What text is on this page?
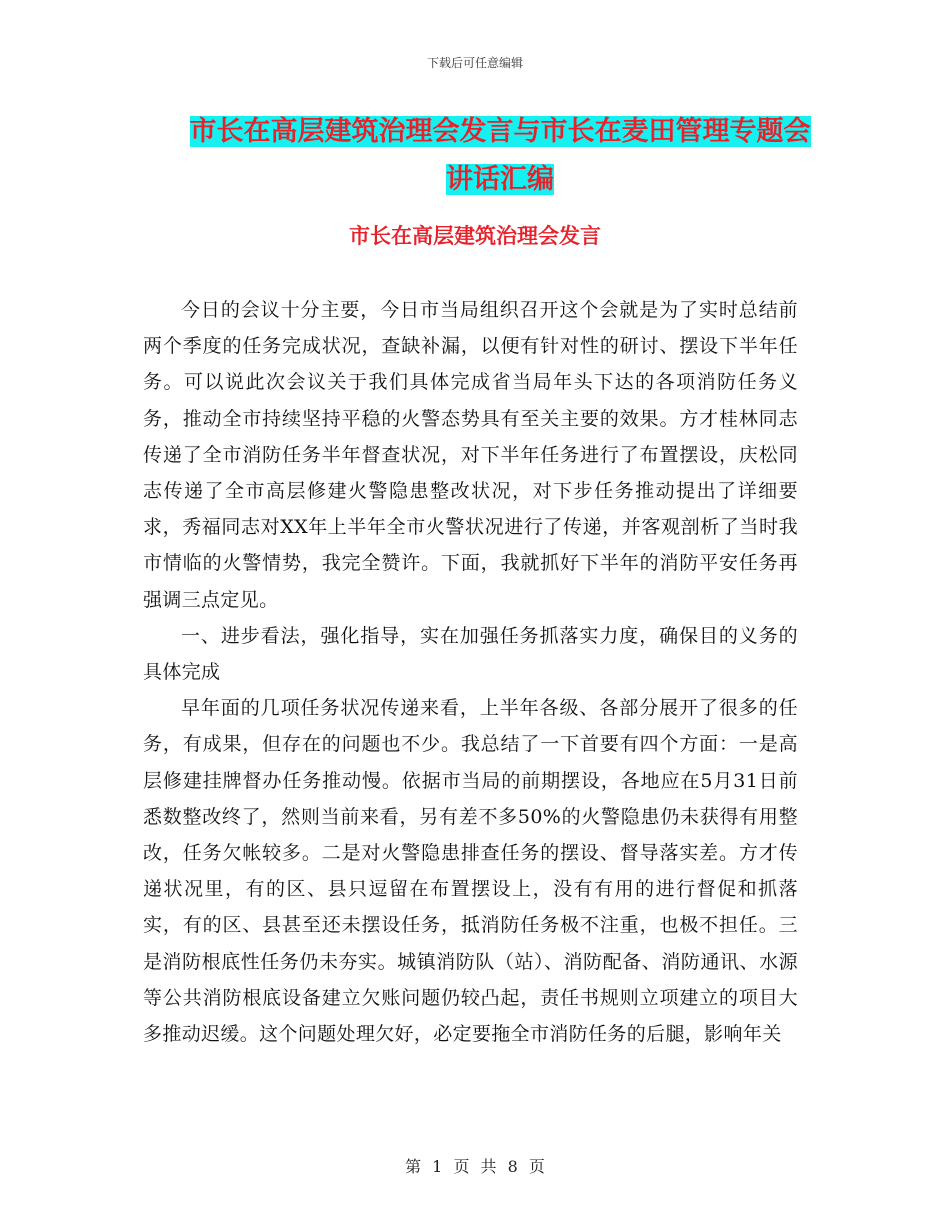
下载后可任意编辑
市长在高层建筑治理会发言与市长在麦田管理专题会
讲话汇编
市长在高层建筑治理会发言

今日的会议十分主要，今日市当局组织召开这个会就是为了实时总结前两个季度的任务完成状况，查缺补漏，以便有针对性的研讨、摆设下半年任务。可以说此次会议关于我们具体完成省当局年头下达的各项消防任务义务，推动全市持续坚持平稳的火警态势具有至关主要的效果。方才桂林同志传递了全市消防任务半年督查状况，对下半年任务进行了布置摆设，庆松同志传递了全市高层修建火警隐患整改状况，对下步任务推动提出了详细要求，秀福同志对XX年上半年全市火警状况进行了传递，并客观剖析了当时我市情临的火警情势，我完全赞许。下面，我就抓好下半年的消防平安任务再强调三点定见。

一、进步看法，强化指导，实在加强任务抓落实力度，确保目的义务的具体完成

早年面的几项任务状况传递来看，上半年各级、各部分展开了很多的任务，有成果，但存在的问题也不少。我总结了一下首要有四个方面：一是高层修建挂牌督办任务推动慢。依据市当局的前期摆设，各地应在5月31日前悉数整改终了，然则当前来看，另有差不多50%的火警隐患仍未获得有用整改，任务欠帐较多。二是对火警隐患排查任务的摆设、督导落实差。方才传递状况里，有的区、县只逗留在布置摆设上，没有有用的进行督促和抓落实，有的区、县甚至还未摆设任务，抵消防任务极不注重，也极不担任。三是消防根底性任务仍未夯实。城镇消防队（站）、消防配备、消防通讯、水源等公共消防根底设备建立欠账问题仍较凸起，责任书规则立项建立的项目大多推动迟缓。这个问题处理欠好，必定要拖全市消防任务的后腿，影响年关

第 1 页 共 8 页
